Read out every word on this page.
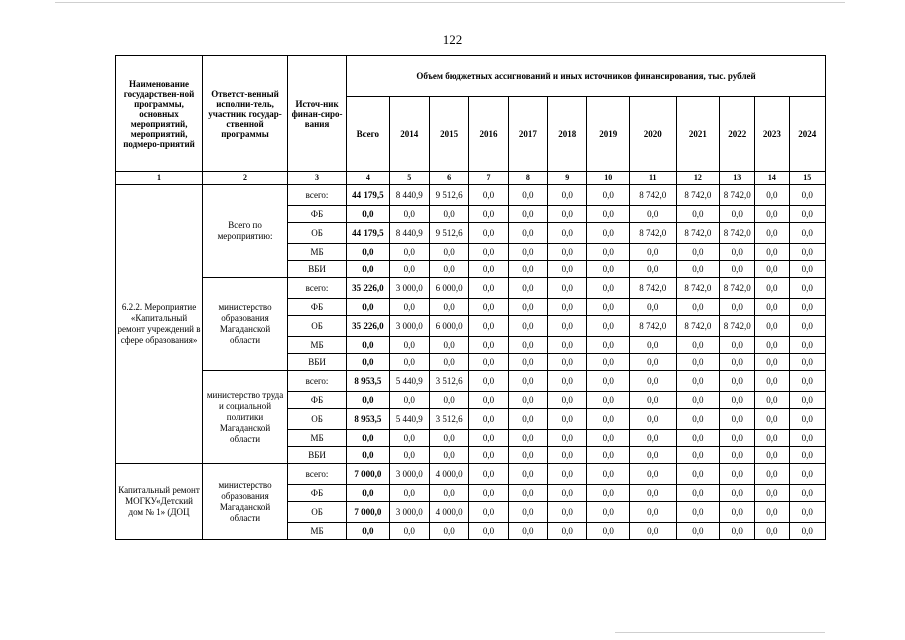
122
Наименование государствен-ной программы, основных мероприятий, мероприятий, подмеро-приятий	Ответст-венный исполни-тель, участник государ-ственной программы	Источ-ник финан-сиро-вания	Объем бюджетных ассигнований и иных источников финансирования, тыс. рублей											
			Всего	2014	2015	2016	2017	2018	2019	2020	2021	2022	2023	2024
1	2	3	4	5	6	7	8	9	10	11	12	13	14	15
6.2.2. Мероприятие «Капитальный ремонт учреждений в сфере образования»	Всего по мероприятию:	всего:	44 179,5	8 440,9	9 512,6	0,0	0,0	0,0	0,0	8 742,0	8 742,0	8 742,0	0,0	0,0
		ФБ	0,0	0,0	0,0	0,0	0,0	0,0	0,0	0,0	0,0	0,0	0,0	0,0
		ОБ	44 179,5	8 440,9	9 512,6	0,0	0,0	0,0	0,0	8 742,0	8 742,0	8 742,0	0,0	0,0
		МБ	0,0	0,0	0,0	0,0	0,0	0,0	0,0	0,0	0,0	0,0	0,0	0,0
		ВБИ	0,0	0,0	0,0	0,0	0,0	0,0	0,0	0,0	0,0	0,0	0,0	0,0
	министерство образования Магаданской области	всего:	35 226,0	3 000,0	6 000,0	0,0	0,0	0,0	0,0	8 742,0	8 742,0	8 742,0	0,0	0,0
		ФБ	0,0	0,0	0,0	0,0	0,0	0,0	0,0	0,0	0,0	0,0	0,0	0,0
		ОБ	35 226,0	3 000,0	6 000,0	0,0	0,0	0,0	0,0	8 742,0	8 742,0	8 742,0	0,0	0,0
		МБ	0,0	0,0	0,0	0,0	0,0	0,0	0,0	0,0	0,0	0,0	0,0	0,0
		ВБИ	0,0	0,0	0,0	0,0	0,0	0,0	0,0	0,0	0,0	0,0	0,0	0,0
	министерство труда и социальной политики Магаданской области	всего:	8 953,5	5 440,9	3 512,6	0,0	0,0	0,0	0,0	0,0	0,0	0,0	0,0	0,0
		ФБ	0,0	0,0	0,0	0,0	0,0	0,0	0,0	0,0	0,0	0,0	0,0	0,0
		ОБ	8 953,5	5 440,9	3 512,6	0,0	0,0	0,0	0,0	0,0	0,0	0,0	0,0	0,0
		МБ	0,0	0,0	0,0	0,0	0,0	0,0	0,0	0,0	0,0	0,0	0,0	0,0
		ВБИ	0,0	0,0	0,0	0,0	0,0	0,0	0,0	0,0	0,0	0,0	0,0	0,0
Капитальный ремонт МОГКУ«Детский дом № 1» (ДОЦ	министерство образования Магаданской области	всего:	7 000,0	3 000,0	4 000,0	0,0	0,0	0,0	0,0	0,0	0,0	0,0	0,0	0,0
		ФБ	0,0	0,0	0,0	0,0	0,0	0,0	0,0	0,0	0,0	0,0	0,0	0,0
		ОБ	7 000,0	3 000,0	4 000,0	0,0	0,0	0,0	0,0	0,0	0,0	0,0	0,0	0,0
		МБ	0,0	0,0	0,0	0,0	0,0	0,0	0,0	0,0	0,0	0,0	0,0	0,0
